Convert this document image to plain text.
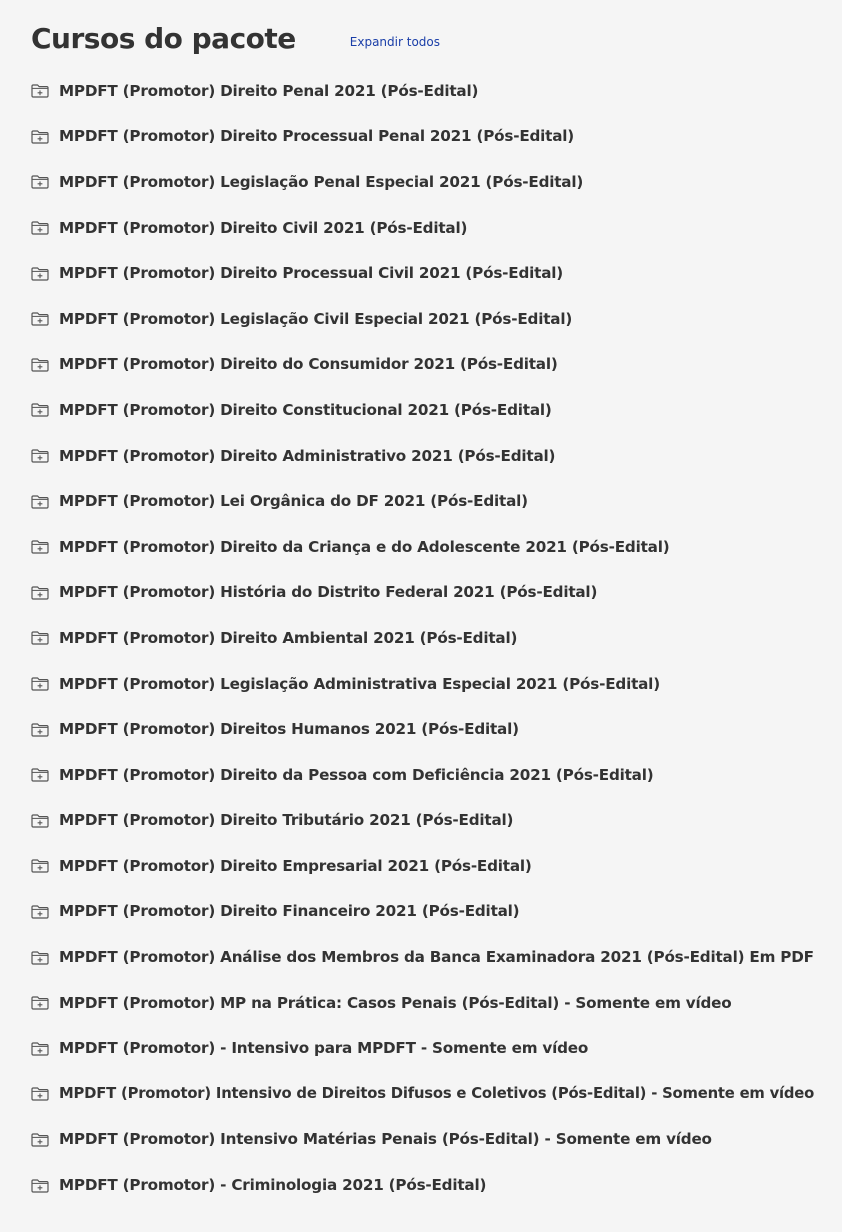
Cursos do pacote	Expandir todos
MPDFT (Promotor) Direito Penal 2021 (Pós-Edital)
MPDFT (Promotor) Direito Processual Penal 2021 (Pós-Edital)
MPDFT (Promotor) Legislação Penal Especial 2021 (Pós-Edital)
MPDFT (Promotor) Direito Civil 2021 (Pós-Edital)
MPDFT (Promotor) Direito Processual Civil 2021 (Pós-Edital)
MPDFT (Promotor) Legislação Civil Especial 2021 (Pós-Edital)
MPDFT (Promotor) Direito do Consumidor 2021 (Pós-Edital)
MPDFT (Promotor) Direito Constitucional 2021 (Pós-Edital)
MPDFT (Promotor) Direito Administrativo 2021 (Pós-Edital)
MPDFT (Promotor) Lei Orgânica do DF 2021 (Pós-Edital)
MPDFT (Promotor) Direito da Criança e do Adolescente 2021 (Pós-Edital)
MPDFT (Promotor) História do Distrito Federal 2021 (Pós-Edital)
MPDFT (Promotor) Direito Ambiental 2021 (Pós-Edital)
MPDFT (Promotor) Legislação Administrativa Especial 2021 (Pós-Edital)
MPDFT (Promotor) Direitos Humanos 2021 (Pós-Edital)
MPDFT (Promotor) Direito da Pessoa com Deficiência 2021 (Pós-Edital)
MPDFT (Promotor) Direito Tributário 2021 (Pós-Edital)
MPDFT (Promotor) Direito Empresarial 2021 (Pós-Edital)
MPDFT (Promotor) Direito Financeiro 2021 (Pós-Edital)
MPDFT (Promotor) Análise dos Membros da Banca Examinadora 2021 (Pós-Edital) Em PDF
MPDFT (Promotor) MP na Prática: Casos Penais (Pós-Edital) - Somente em vídeo
MPDFT (Promotor) - Intensivo para MPDFT - Somente em vídeo
MPDFT (Promotor) Intensivo de Direitos Difusos e Coletivos (Pós-Edital) - Somente em vídeo
MPDFT (Promotor) Intensivo Matérias Penais (Pós-Edital) - Somente em vídeo
MPDFT (Promotor) - Criminologia 2021 (Pós-Edital)
